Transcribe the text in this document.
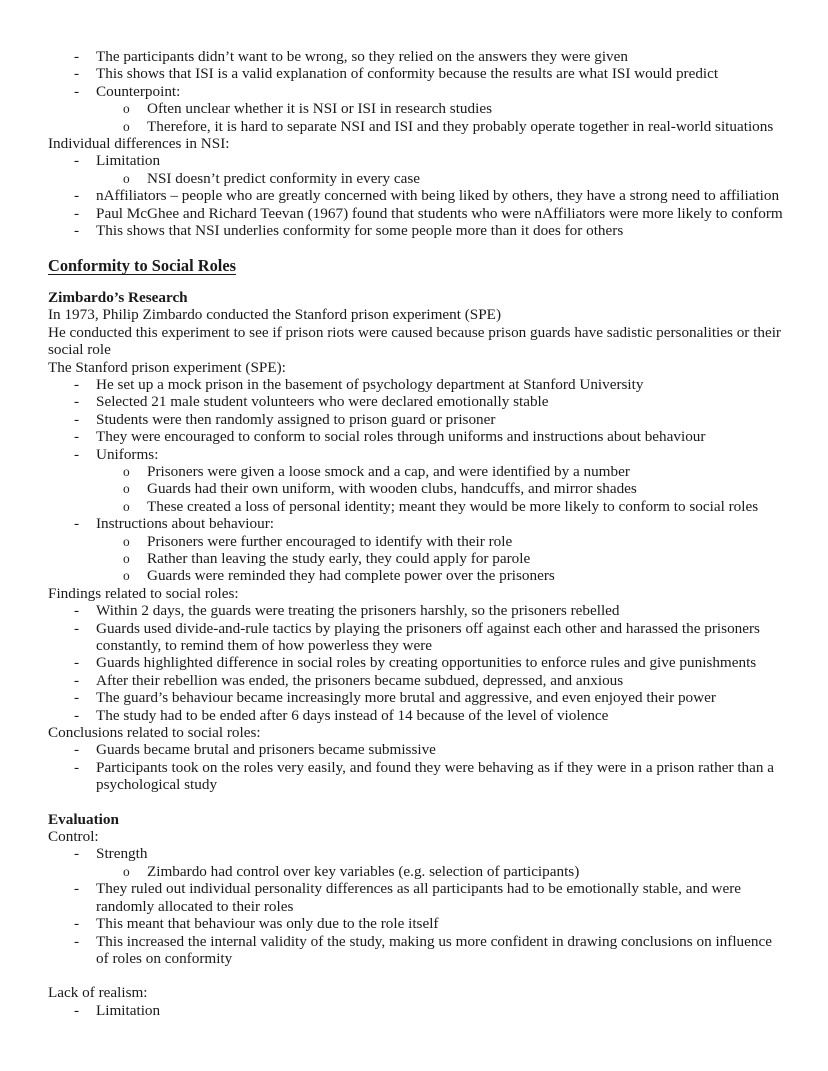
-	The participants didn’t want to be wrong, so they relied on the answers they were given
-	This shows that ISI is a valid explanation of conformity because the results are what ISI would predict
-	Counterpoint:
o	Often unclear whether it is NSI or ISI in research studies
o	Therefore, it is hard to separate NSI and ISI and they probably operate together in real-world situations
Individual differences in NSI:
-	Limitation
o	NSI doesn’t predict conformity in every case
-	nAffiliators – people who are greatly concerned with being liked by others, they have a strong need to affiliation
-	Paul McGhee and Richard Teevan (1967) found that students who were nAffiliators were more likely to conform
-	This shows that NSI underlies conformity for some people more than it does for others
Conformity to Social Roles
Zimbardo’s Research
In 1973, Philip Zimbardo conducted the Stanford prison experiment (SPE)
He conducted this experiment to see if prison riots were caused because prison guards have sadistic personalities or their social role
The Stanford prison experiment (SPE):
-	He set up a mock prison in the basement of psychology department at Stanford University
-	Selected 21 male student volunteers who were declared emotionally stable
-	Students were then randomly assigned to prison guard or prisoner
-	They were encouraged to conform to social roles through uniforms and instructions about behaviour
-	Uniforms:
o	Prisoners were given a loose smock and a cap, and were identified by a number
o	Guards had their own uniform, with wooden clubs, handcuffs, and mirror shades
o	These created a loss of personal identity; meant they would be more likely to conform to social roles
-	Instructions about behaviour:
o	Prisoners were further encouraged to identify with their role
o	Rather than leaving the study early, they could apply for parole
o	Guards were reminded they had complete power over the prisoners
Findings related to social roles:
-	Within 2 days, the guards were treating the prisoners harshly, so the prisoners rebelled
-	Guards used divide-and-rule tactics by playing the prisoners off against each other and harassed the prisoners constantly, to remind them of how powerless they were
-	Guards highlighted difference in social roles by creating opportunities to enforce rules and give punishments
-	After their rebellion was ended, the prisoners became subdued, depressed, and anxious
-	The guard’s behaviour became increasingly more brutal and aggressive, and even enjoyed their power
-	The study had to be ended after 6 days instead of 14 because of the level of violence
Conclusions related to social roles:
-	Guards became brutal and prisoners became submissive
-	Participants took on the roles very easily, and found they were behaving as if they were in a prison rather than a psychological study
Evaluation
Control:
-	Strength
o	Zimbardo had control over key variables (e.g. selection of participants)
-	They ruled out individual personality differences as all participants had to be emotionally stable, and were randomly allocated to their roles
-	This meant that behaviour was only due to the role itself
-	This increased the internal validity of the study, making us more confident in drawing conclusions on influence of roles on conformity
Lack of realism:
-	Limitation
